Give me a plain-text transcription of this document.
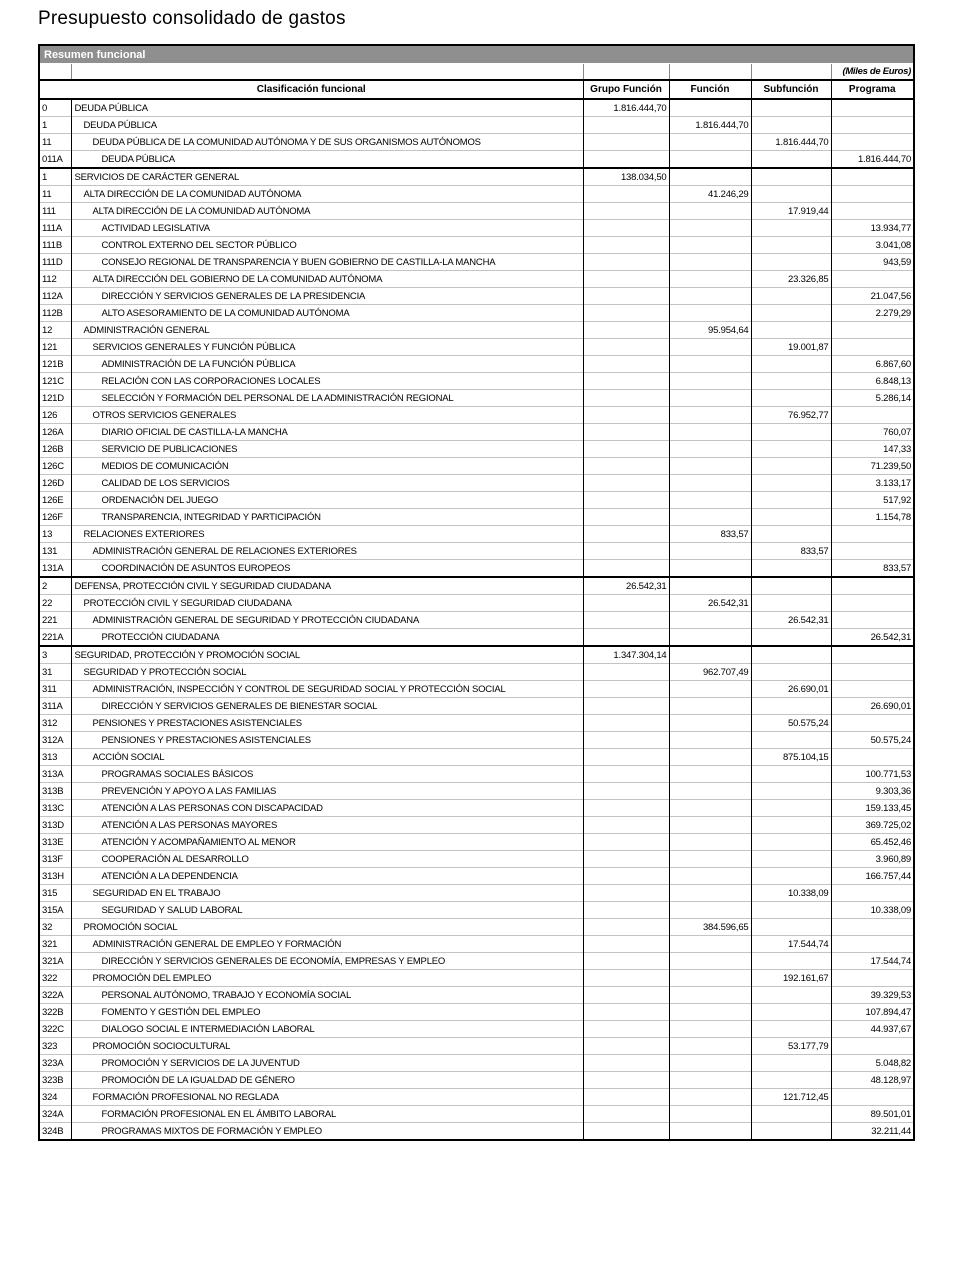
Presupuesto consolidado de gastos
Resumen funcional					
					(Miles de Euros)
Clasificación funcional		Grupo Función	Función	Subfunción	Programa
0	DEUDA PÚBLICA	1.816.444,70			
1	DEUDA PÚBLICA		1.816.444,70		
11	DEUDA PÚBLICA DE LA COMUNIDAD AUTÓNOMA Y DE SUS ORGANISMOS AUTÓNOMOS			1.816.444,70	
011A	DEUDA PÚBLICA				1.816.444,70
1	SERVICIOS DE CARÁCTER GENERAL	138.034,50			
11	ALTA DIRECCIÓN DE LA COMUNIDAD AUTÓNOMA		41.246,29		
111	ALTA DIRECCIÓN DE LA COMUNIDAD AUTÓNOMA			17.919,44	
111A	ACTIVIDAD LEGISLATIVA				13.934,77
111B	CONTROL EXTERNO DEL SECTOR PÚBLICO				3.041,08
111D	CONSEJO REGIONAL DE TRANSPARENCIA Y BUEN GOBIERNO DE CASTILLA-LA MANCHA				943,59
112	ALTA DIRECCIÓN DEL GOBIERNO DE LA COMUNIDAD AUTÓNOMA			23.326,85	
112A	DIRECCIÓN Y SERVICIOS GENERALES DE LA PRESIDENCIA				21.047,56
112B	ALTO ASESORAMIENTO DE LA COMUNIDAD AUTÓNOMA				2.279,29
12	ADMINISTRACIÓN GENERAL		95.954,64		
121	SERVICIOS GENERALES Y FUNCIÓN PÚBLICA			19.001,87	
121B	ADMINISTRACIÓN DE LA FUNCIÓN PÚBLICA				6.867,60
121C	RELACIÓN CON LAS CORPORACIONES LOCALES				6.848,13
121D	SELECCIÓN Y FORMACIÓN DEL PERSONAL DE LA ADMINISTRACIÓN REGIONAL				5.286,14
126	OTROS SERVICIOS GENERALES			76.952,77	
126A	DIARIO OFICIAL DE CASTILLA-LA MANCHA				760,07
126B	SERVICIO DE PUBLICACIONES				147,33
126C	MEDIOS DE COMUNICACIÓN				71.239,50
126D	CALIDAD DE LOS SERVICIOS				3.133,17
126E	ORDENACIÓN DEL JUEGO				517,92
126F	TRANSPARENCIA, INTEGRIDAD Y PARTICIPACIÓN				1.154,78
13	RELACIONES EXTERIORES		833,57		
131	ADMINISTRACIÓN GENERAL DE RELACIONES EXTERIORES			833,57	
131A	COORDINACIÓN DE ASUNTOS EUROPEOS				833,57
2	DEFENSA, PROTECCIÓN CIVIL Y SEGURIDAD CIUDADANA	26.542,31			
22	PROTECCIÓN CIVIL Y SEGURIDAD CIUDADANA		26.542,31		
221	ADMINISTRACIÓN GENERAL DE SEGURIDAD Y PROTECCIÓN CIUDADANA			26.542,31	
221A	PROTECCIÓN CIUDADANA				26.542,31
3	SEGURIDAD, PROTECCIÓN Y PROMOCIÓN SOCIAL	1.347.304,14			
31	SEGURIDAD Y PROTECCIÓN SOCIAL		962.707,49		
311	ADMINISTRACIÓN, INSPECCIÓN Y CONTROL DE SEGURIDAD SOCIAL Y PROTECCIÓN SOCIAL			26.690,01	
311A	DIRECCIÓN Y SERVICIOS GENERALES DE BIENESTAR SOCIAL				26.690,01
312	PENSIONES Y PRESTACIONES ASISTENCIALES			50.575,24	
312A	PENSIONES Y PRESTACIONES ASISTENCIALES				50.575,24
313	ACCIÓN SOCIAL			875.104,15	
313A	PROGRAMAS SOCIALES BÁSICOS				100.771,53
313B	PREVENCIÓN Y APOYO A LAS FAMILIAS				9.303,36
313C	ATENCIÓN A LAS PERSONAS CON DISCAPACIDAD				159.133,45
313D	ATENCIÓN A LAS PERSONAS MAYORES				369.725,02
313E	ATENCIÓN Y ACOMPAÑAMIENTO AL MENOR				65.452,46
313F	COOPERACIÓN AL DESARROLLO				3.960,89
313H	ATENCIÓN A LA DEPENDENCIA				166.757,44
315	SEGURIDAD EN EL TRABAJO			10.338,09	
315A	SEGURIDAD Y SALUD LABORAL				10.338,09
32	PROMOCIÓN SOCIAL		384.596,65		
321	ADMINISTRACIÓN GENERAL DE EMPLEO Y FORMACIÓN			17.544,74	
321A	DIRECCIÓN Y SERVICIOS GENERALES DE ECONOMÍA, EMPRESAS Y EMPLEO				17.544,74
322	PROMOCIÓN DEL EMPLEO			192.161,67	
322A	PERSONAL AUTÓNOMO, TRABAJO Y ECONOMÍA SOCIAL				39.329,53
322B	FOMENTO Y GESTIÓN DEL EMPLEO				107.894,47
322C	DIALOGO SOCIAL E INTERMEDIACIÓN LABORAL				44.937,67
323	PROMOCIÓN SOCIOCULTURAL			53.177,79	
323A	PROMOCIÓN Y SERVICIOS DE LA JUVENTUD				5.048,82
323B	PROMOCIÓN DE LA IGUALDAD DE GÉNERO				48.128,97
324	FORMACIÓN PROFESIONAL NO REGLADA			121.712,45	
324A	FORMACIÓN PROFESIONAL EN EL ÁMBITO LABORAL				89.501,01
324B	PROGRAMAS MIXTOS DE FORMACIÓN Y EMPLEO				32.211,44
